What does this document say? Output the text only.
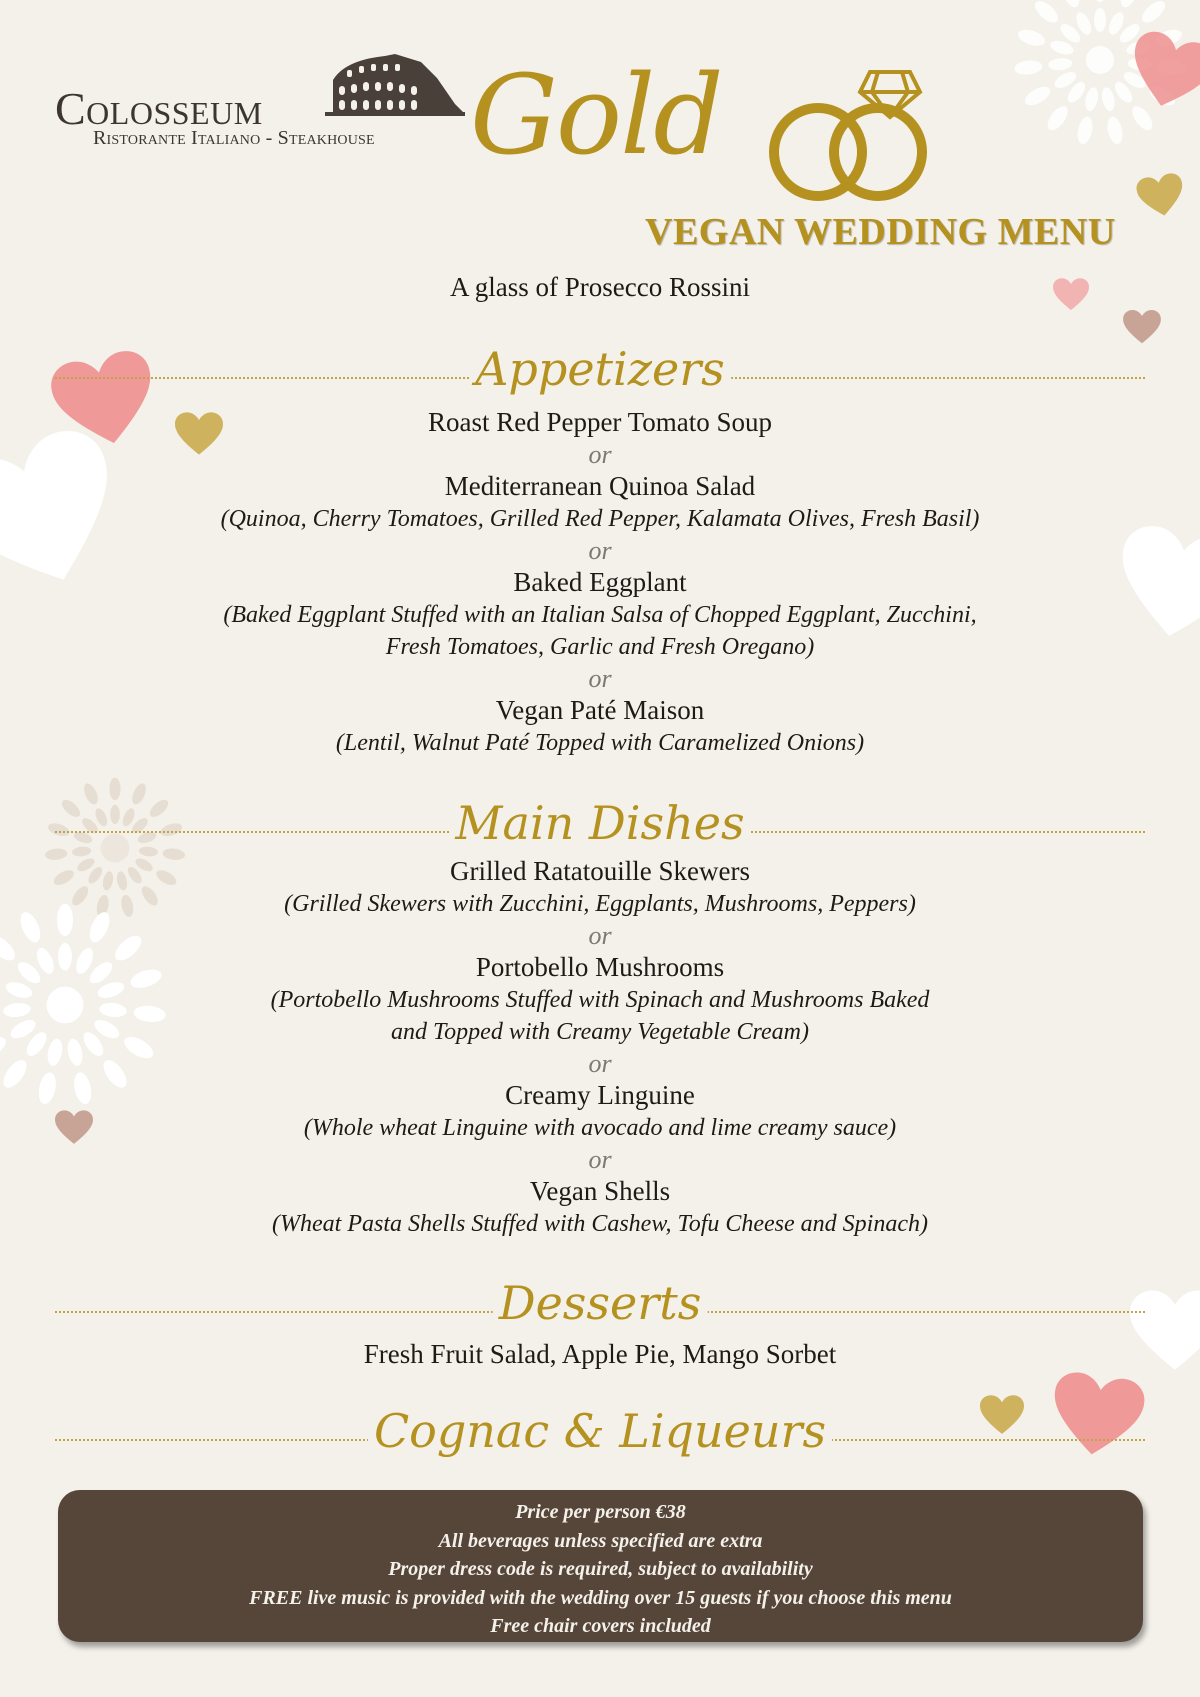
Colosseum
Ristorante Italiano - Steakhouse Gold
VEGAN WEDDING MENU
A glass of Prosecco Rossini
Appetizers
Roast Red Pepper Tomato Soup
or
Mediterranean Quinoa Salad
(Quinoa, Cherry Tomatoes, Grilled Red Pepper, Kalamata Olives, Fresh Basil)
or
Baked Eggplant
(Baked Eggplant Stuffed with an Italian Salsa of Chopped Eggplant, Zucchini,
Fresh Tomatoes, Garlic and Fresh Oregano)
or
Vegan Paté Maison
(Lentil, Walnut Paté Topped with Caramelized Onions)
Main Dishes
Grilled Ratatouille Skewers
(Grilled Skewers with Zucchini, Eggplants, Mushrooms, Peppers)
or
Portobello Mushrooms
(Portobello Mushrooms Stuffed with Spinach and Mushrooms Baked
and Topped with Creamy Vegetable Cream)
or
Creamy Linguine
(Whole wheat Linguine with avocado and lime creamy sauce)
or
Vegan Shells
(Wheat Pasta Shells Stuffed with Cashew, Tofu Cheese and Spinach)
Desserts
Fresh Fruit Salad, Apple Pie, Mango Sorbet
Cognac & Liqueurs
Price per person €38
All beverages unless specified are extra
Proper dress code is required, subject to availability
FREE live music is provided with the wedding over 15 guests if you choose this menu
Free chair covers included
